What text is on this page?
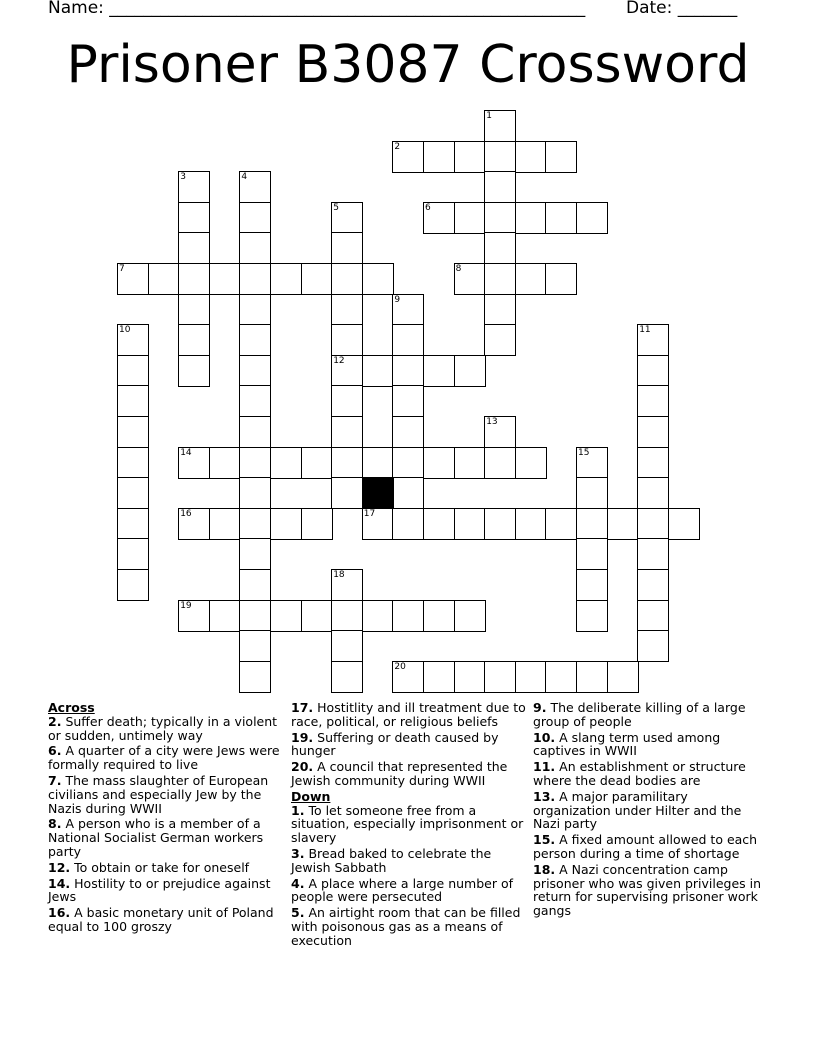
Name: ________________________________________________________ Date: _______
Prisoner B3087 Crossword
1
2
3	4
5	6
7	8
9
10	11
12
13
14	15
16	17
18
19
20
Across
2. Suffer death; typically in a violent or sudden, untimely way
6. A quarter of a city were Jews were formally required to live
7. The mass slaughter of European civilians and especially Jew by the Nazis during WWII
8. A person who is a member of a National Socialist German workers party
12. To obtain or take for oneself
14. Hostility to or prejudice against Jews
16. A basic monetary unit of Poland equal to 100 groszy
17. Hostitlity and ill treatment due to race, political, or religious beliefs
19. Suffering or death caused by hunger
20. A council that represented the Jewish community during WWII
Down
1. To let someone free from a situation, especially imprisonment or slavery
3. Bread baked to celebrate the Jewish Sabbath
4. A place where a large number of people were persecuted
5. An airtight room that can be filled with poisonous gas as a means of execution
9. The deliberate killing of a large group of people
10. A slang term used among captives in WWII
11. An establishment or structure where the dead bodies are
13. A major paramilitary organization under Hilter and the Nazi party
15. A fixed amount allowed to each person during a time of shortage
18. A Nazi concentration camp prisoner who was given privileges in return for supervising prisoner work gangs
